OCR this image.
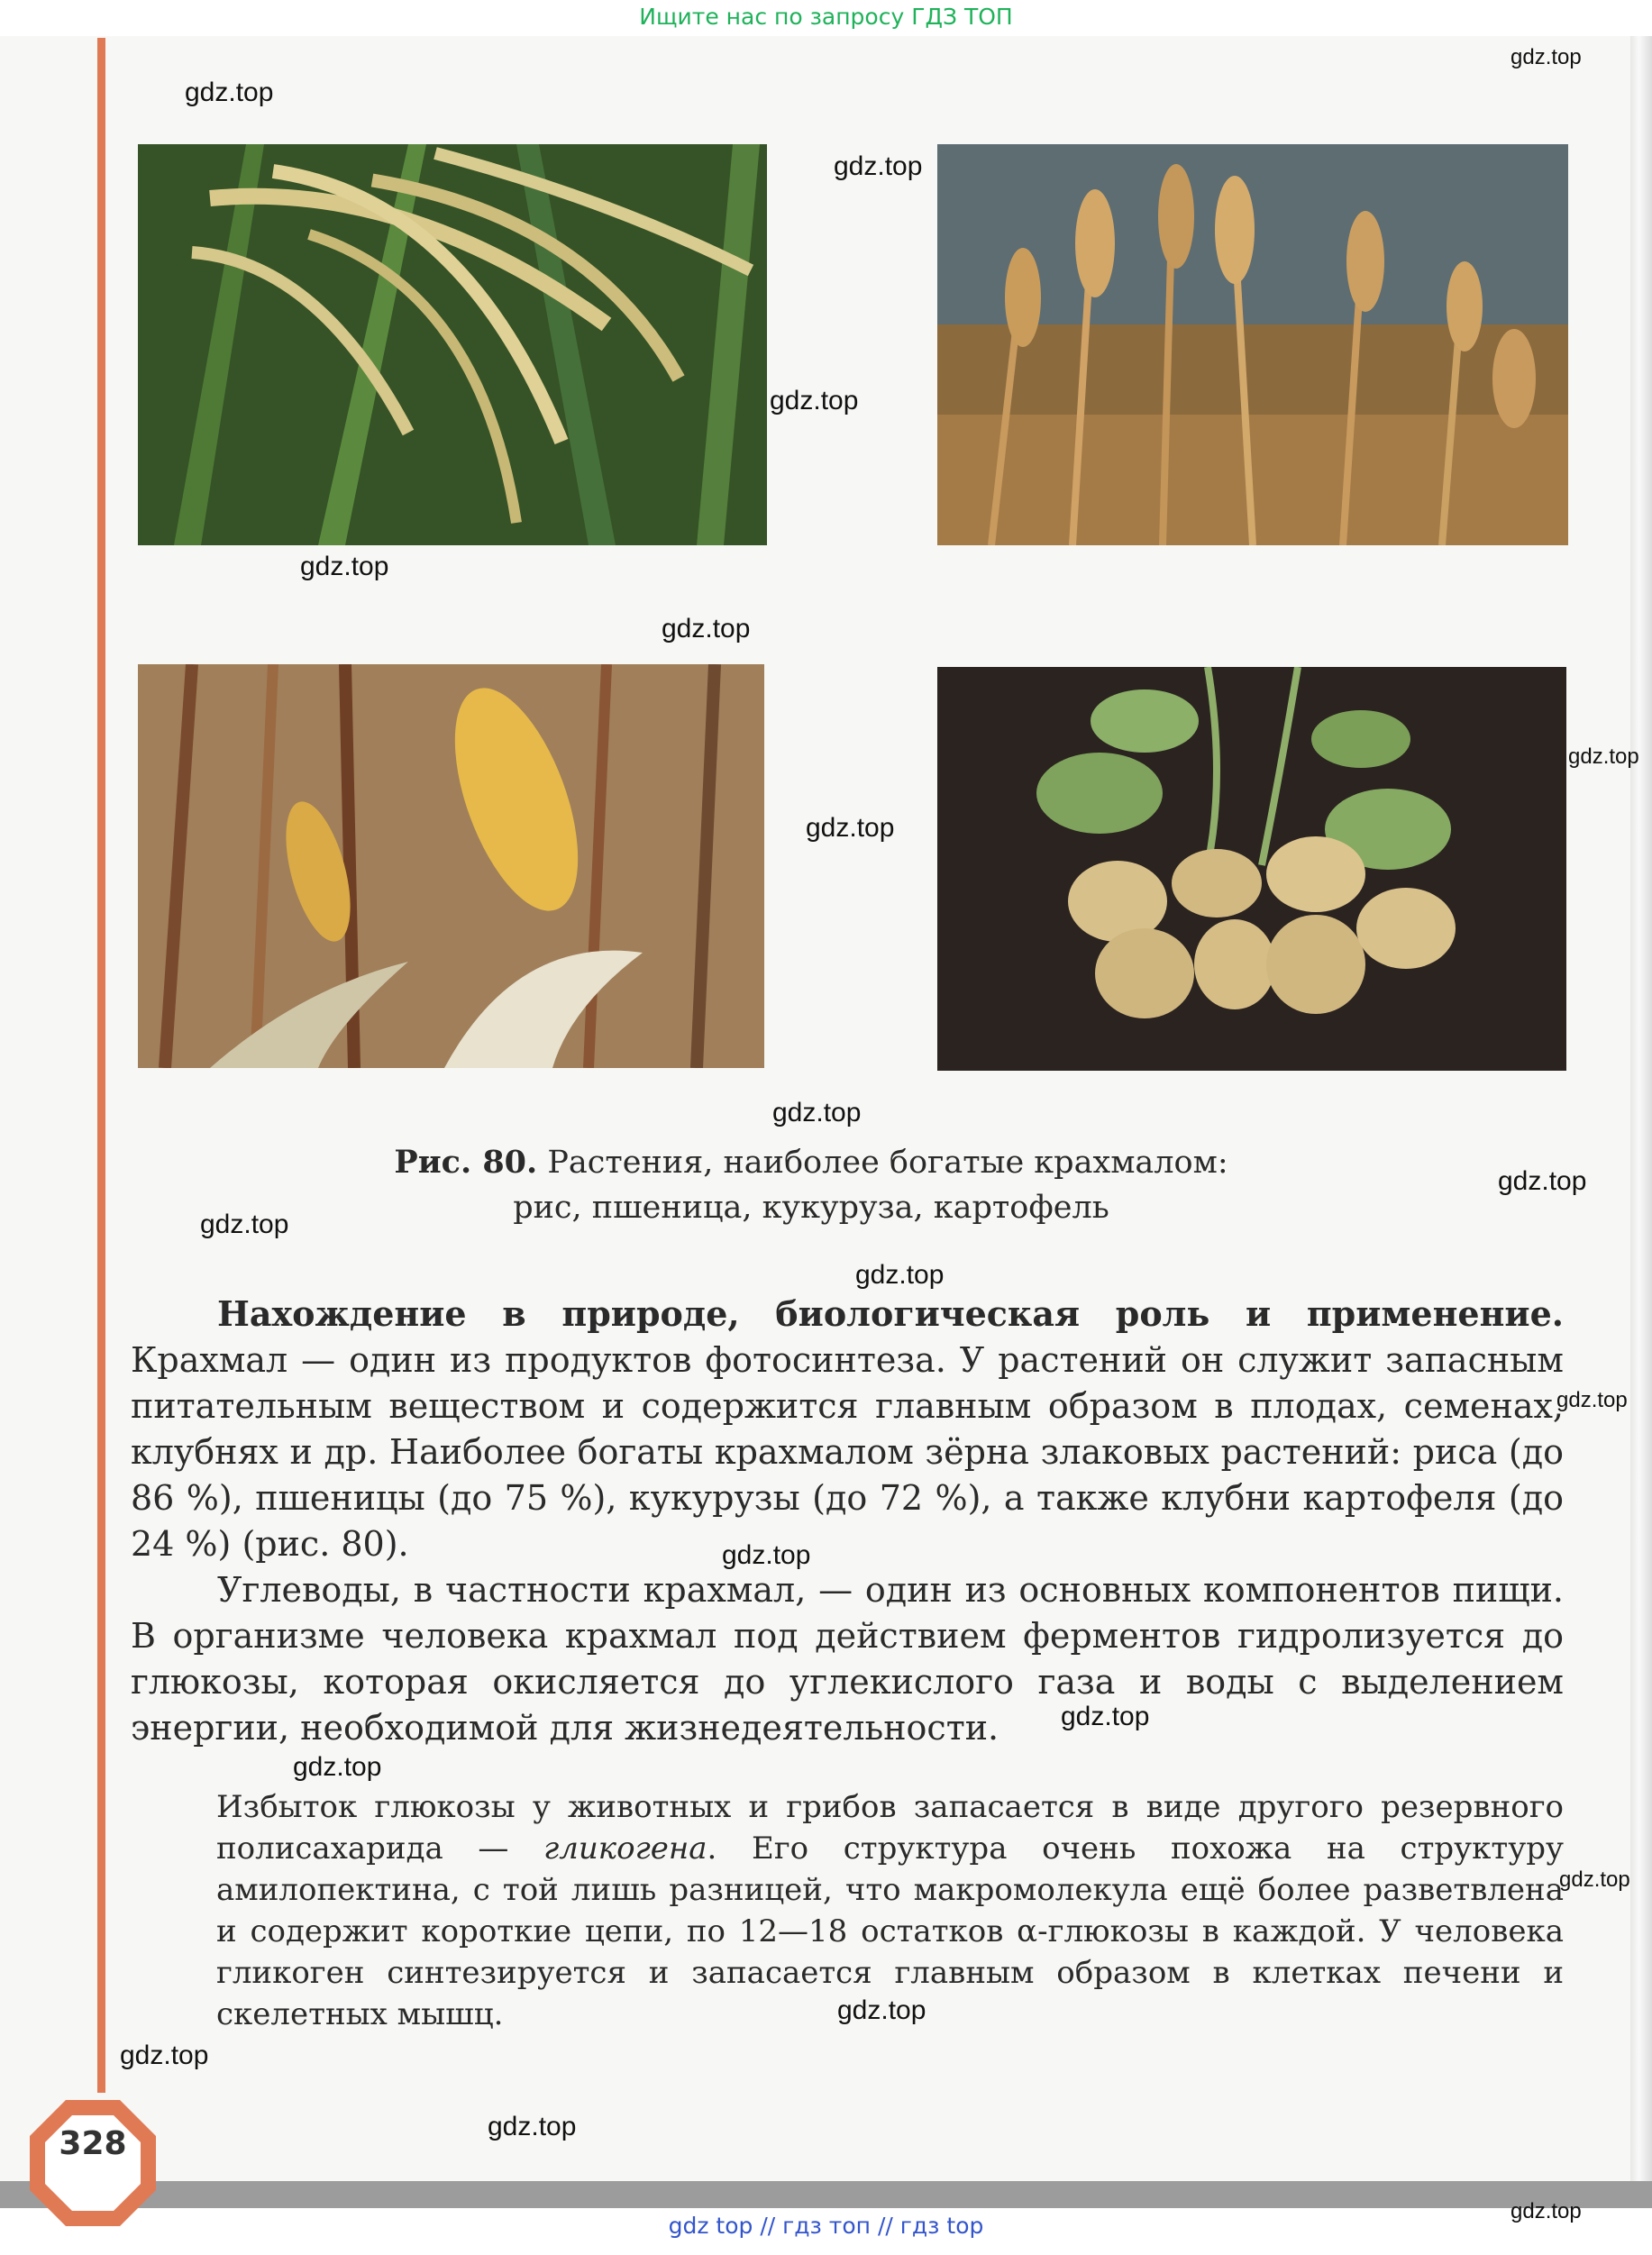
Ищите нас по запросу ГДЗ ТОП
Рис. 80. Растения, наиболее богатые крахмалом:
рис, пшеница, кукуруза, картофель

Нахождение в природе, биологическая роль и применение. Крахмал — один из продуктов фотосинтеза. У растений он служит запасным питательным веществом и содержится главным образом в плодах, семенах, клубнях и др. Наиболее богаты крахмалом зёрна злаковых растений: риса (до 86 %), пшеницы (до 75 %), кукурузы (до 72 %), а также клубни картофеля (до 24 %) (рис. 80).

Углеводы, в частности крахмал, — один из основных компонентов пищи. В организме человека крахмал под действием ферментов гидролизуется до глюкозы, которая окисляется до углекислого газа и воды с выделением энергии, необходимой для жизнедеятельности.

Избыток глюкозы у животных и грибов запасается в виде другого резервного полисахарида — гликогена. Его структура очень похожа на структуру амилопектина, с той лишь разницей, что макромолекула ещё более разветвлена и содержит короткие цепи, по 12—18 остатков α-глюкозы в каждой. У человека гликоген синтезируется и запасается главным образом в клетках печени и скелетных мышц.

328
gdz.top
gdz.top
gdz.top
gdz.top
gdz.top
gdz.top
gdz.top
gdz.top
gdz.top
gdz.top
gdz.top
gdz.top
gdz.top
gdz.top
gdz.top
gdz.top
gdz.top
gdz.top
gdz.top
gdz.top
gdz.top
gdz top // гдз топ // гдз top
